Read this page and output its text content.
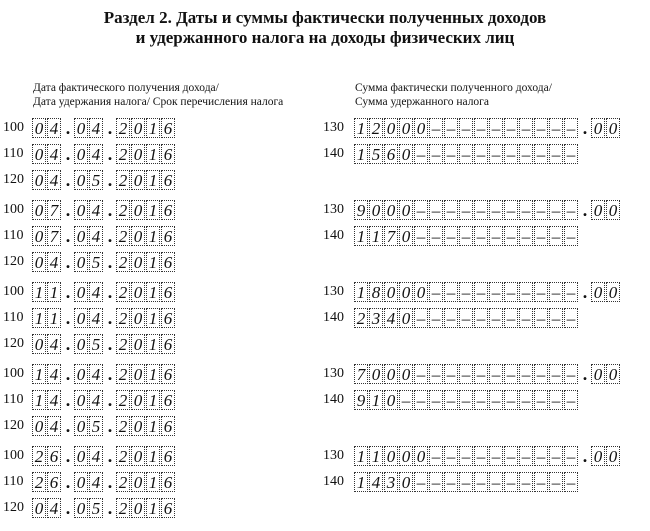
Раздел 2. Даты и суммы фактически полученных доходов
и удержанного налога на доходы физических лиц
Дата фактического получения дохода/
Дата удержания налога/ Срок перечисления налога
Сумма фактически полученного дохода/
Сумма удержанного налога
100 0 4 . 0 4 . 2 0 1 6
110 0 4 . 0 4 . 2 0 1 6
120 0 4 . 0 5 . 2 0 1 6
130 1 2 0 0 0 – – – – – – – – – – . 0 0
140 1 5 6 0 – – – – – – – – – – –
100 0 7 . 0 4 . 2 0 1 6
110 0 7 . 0 4 . 2 0 1 6
120 0 4 . 0 5 . 2 0 1 6
130 9 0 0 0 – – – – – – – – – – – . 0 0
140 1 1 7 0 – – – – – – – – – – –
100 1 1 . 0 4 . 2 0 1 6
110 1 1 . 0 4 . 2 0 1 6
120 0 4 . 0 5 . 2 0 1 6
130 1 8 0 0 0 – – – – – – – – – – . 0 0
140 2 3 4 0 – – – – – – – – – – –
100 1 4 . 0 4 . 2 0 1 6
110 1 4 . 0 4 . 2 0 1 6
120 0 4 . 0 5 . 2 0 1 6
130 7 0 0 0 – – – – – – – – – – – . 0 0
140 9 1 0 – – – – – – – – – – – –
100 2 6 . 0 4 . 2 0 1 6
110 2 6 . 0 4 . 2 0 1 6
120 0 4 . 0 5 . 2 0 1 6
130 1 1 0 0 0 – – – – – – – – – – . 0 0
140 1 4 3 0 – – – – – – – – – – –
